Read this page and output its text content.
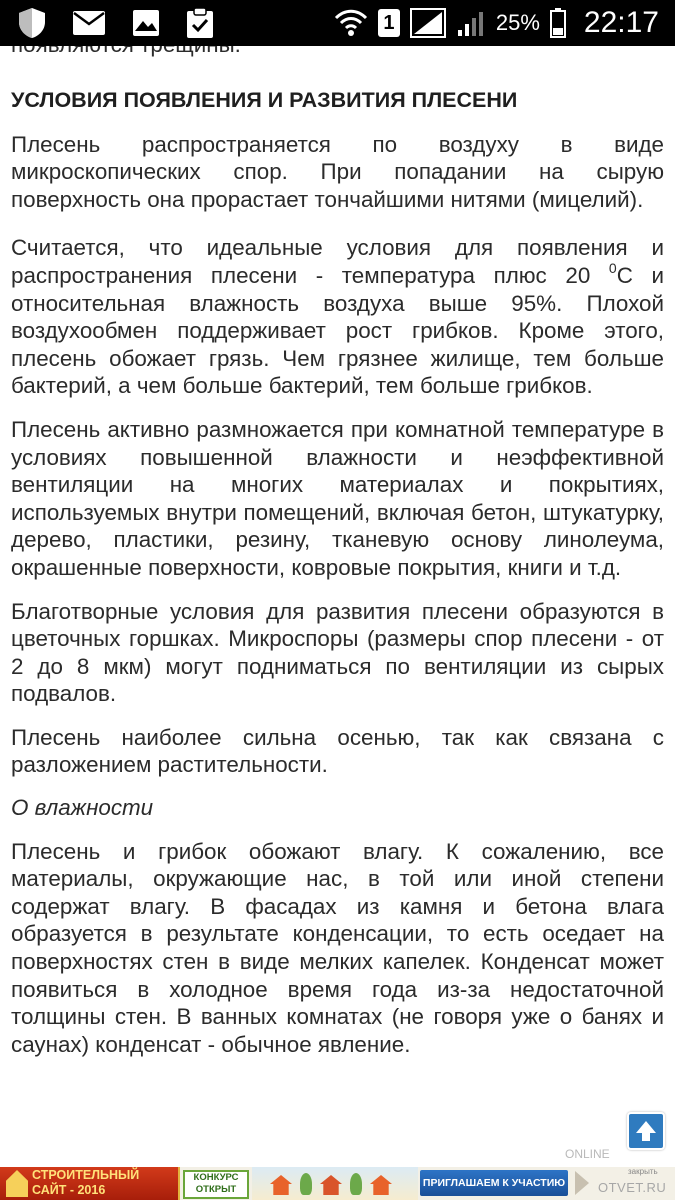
1	25% 22:17

УСЛОВИЯ ПОЯВЛЕНИЯ И РАЗВИТИЯ ПЛЕСЕНИ

Плесень распространяется по воздуху в виде микроскопических спор. При попадании на сырую поверхность она прорастает тончайшими нитями (мицелий).

Считается, что идеальные условия для появления и распространения плесени - температура плюс 20 $^0$С и относительная влажность воздуха выше 95%. Плохой воздухообмен поддерживает рост грибков. Кроме этого, плесень обожает грязь. Чем грязнее жилище, тем больше бактерий, а чем больше бактерий, тем больше грибков.

Плесень активно размножается при комнатной температуре в условиях повышенной влажности и неэффективной вентиляции на многих материалах и покрытиях, используемых внутри помещений, включая бетон, штукатурку, дерево, пластики, резину, тканевую основу линолеума, окрашенные поверхности, ковровые покрытия, книги и т.д.

Благотворные условия для развития плесени образуются в цветочных горшках. Микроспоры (размеры спор плесени - от 2 до 8 мкм) могут подниматься по вентиляции из сырых подвалов.

Плесень наиболее сильна осенью, так как связана с разложением растительности.

О влажности

Плесень и грибок обожают влагу. К сожалению, все материалы, окружающие нас, в той или иной степени содержат влагу. В фасадах из камня и бетона влага образуется в результате конденсации, то есть оседает на поверхностях стен в виде мелких капелек. Конденсат может появиться в холодное время года из-за недостаточной толщины стен. В ванных комнатах (не говоря уже о банях и саунах) конденсат - обычное явление.

ONLINE
СТРОИТЕЛЬНЫЙ
САЙТ - 2016
КОНКУРС
ОТКРЫТ
ПРИГЛАШАЕМ К УЧАСТИЮ
закрыть
OTVET.RU
